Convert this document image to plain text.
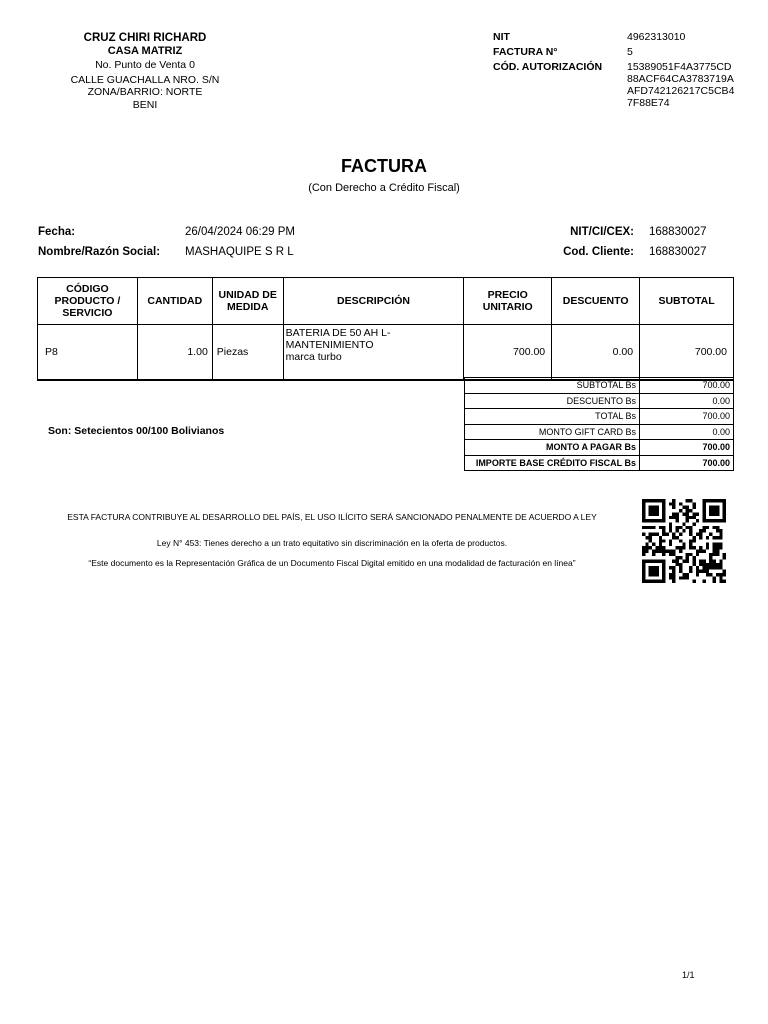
CRUZ CHIRI RICHARD
CASA MATRIZ
No. Punto de Venta 0
CALLE GUACHALLA NRO. S/N
ZONA/BARRIO: NORTE
BENI
NIT	4962313010
FACTURA N°	5
CÓD. AUTORIZACIÓN	15389051F4A3775CD88ACF64CA3783719AAFD742126217C5CB47F88E74
FACTURA
(Con Derecho a Crédito Fiscal)
Fecha:	26/04/2024 06:29 PM
Nombre/Razón Social:	MASHAQUIPE S R L
NIT/CI/CEX:	168830027
Cod. Cliente:	168830027
CÓDIGO PRODUCTO / SERVICIO	CANTIDAD	UNIDAD DE MEDIDA	DESCRIPCIÓN	PRECIO UNITARIO	DESCUENTO	SUBTOTAL
P8	1.00	Piezas	BATERIA DE 50 AH L-
MANTENIMIENTO
marca turbo	700.00	0.00	700.00
SUBTOTAL Bs	700.00
DESCUENTO Bs	0.00
TOTAL Bs	700.00
MONTO GIFT CARD Bs	0.00
MONTO A PAGAR Bs	700.00
IMPORTE BASE CRÉDITO FISCAL Bs	700.00
Son: Setecientos 00/100 Bolivianos
ESTA FACTURA CONTRIBUYE AL DESARROLLO DEL PAÍS, EL USO ILÍCITO SERÁ SANCIONADO PENALMENTE DE ACUERDO A LEY
Ley N° 453: Tienes derecho a un trato equitativo sin discriminación en la oferta de productos.
“Este documento es la Representación Gráfica de un Documento Fiscal Digital emitido en una modalidad de facturación en línea”
1/1
